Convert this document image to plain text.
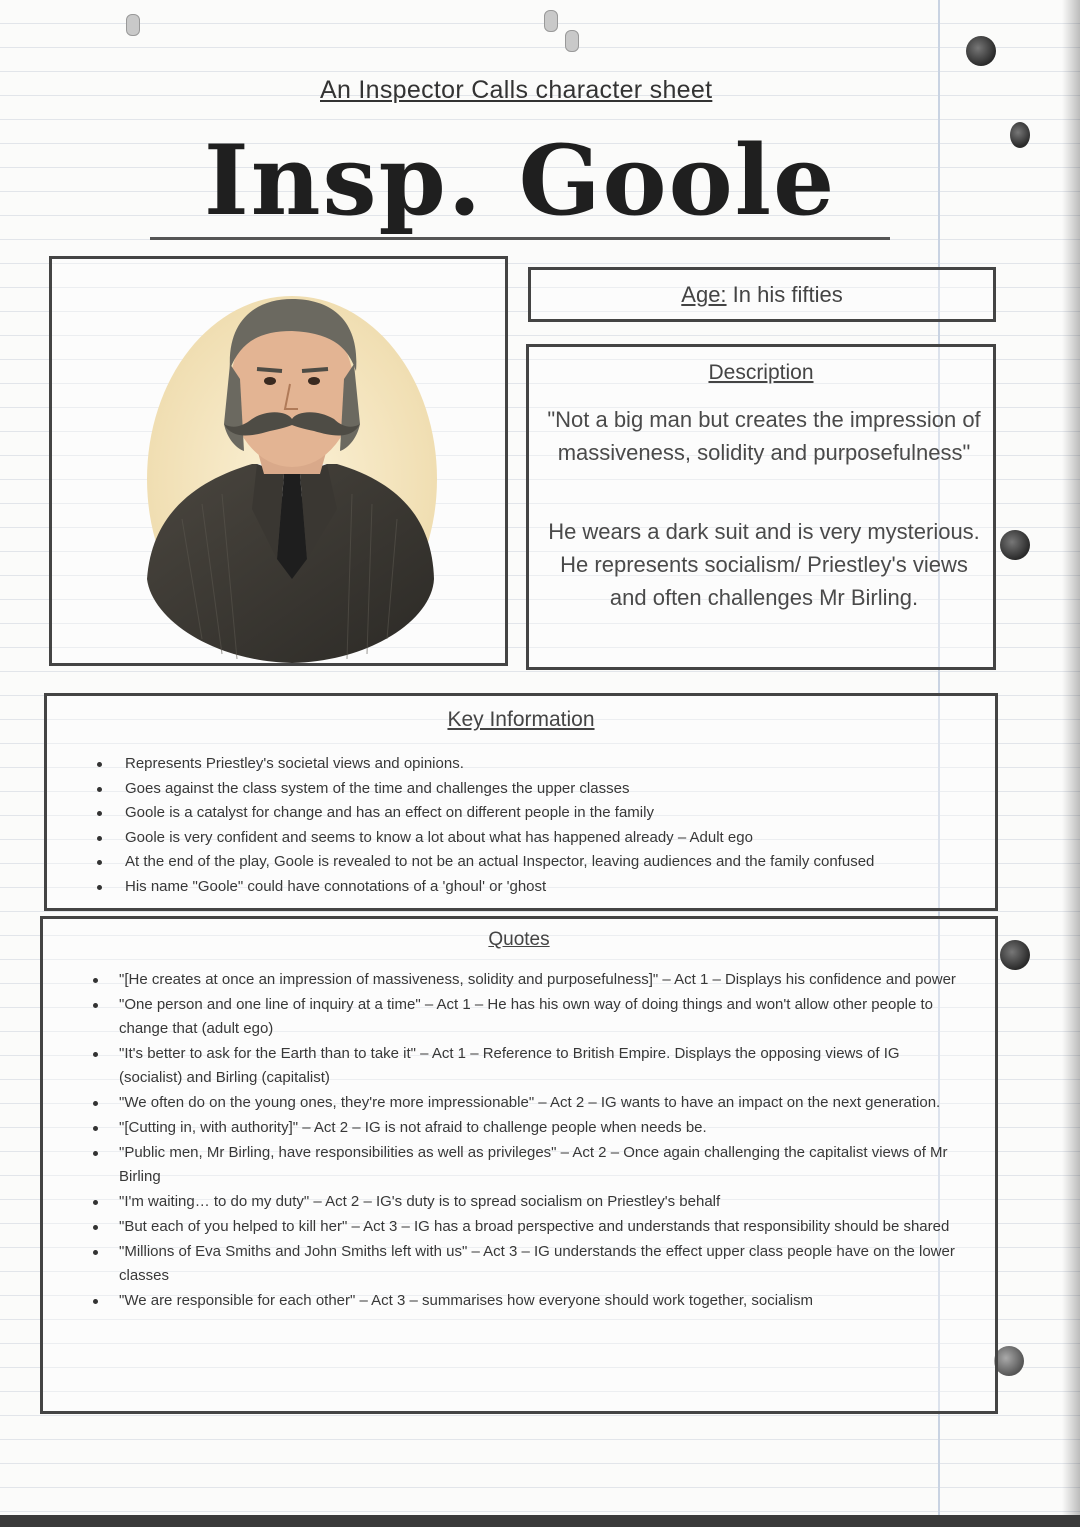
An Inspector Calls character sheet
Insp. Goole
Age: In his fifties
Description
"Not a big man but creates the impression of massiveness, solidity and purposefulness"
He wears a dark suit and is very mysterious. He represents socialism/ Priestley's views and often challenges Mr Birling.
Key Information
Represents Priestley's societal views and opinions.
Goes against the class system of the time and challenges the upper classes
Goole is a catalyst for change and has an effect on different people in the family
Goole is very confident and seems to know a lot about what has happened already – Adult ego
At the end of the play, Goole is revealed to not be an actual Inspector, leaving audiences and the family confused
His name "Goole" could have connotations of a 'ghoul' or 'ghost
Quotes
"[He creates at once an impression of massiveness, solidity and purposefulness]" – Act 1 – Displays his confidence and power
"One person and one line of inquiry at a time" – Act 1 – He has his own way of doing things and won't allow other people to change that (adult ego)
"It's better to ask for the Earth than to take it" – Act 1 – Reference to British Empire. Displays the opposing views of IG (socialist) and Birling (capitalist)
"We often do on the young ones, they're more impressionable" – Act 2 – IG wants to have an impact on the next generation.
"[Cutting in, with authority]" – Act 2 – IG is not afraid to challenge people when needs be.
"Public men, Mr Birling, have responsibilities as well as privileges" – Act 2 – Once again challenging the capitalist views of Mr Birling
"I'm waiting… to do my duty" – Act 2 – IG's duty is to spread socialism on Priestley's behalf
"But each of you helped to kill her" – Act 3 – IG has a broad perspective and understands that responsibility should be shared
"Millions of Eva Smiths and John Smiths left with us" – Act 3 – IG understands the effect upper class people have on the lower classes
"We are responsible for each other" – Act 3 – summarises how everyone should work together, socialism
